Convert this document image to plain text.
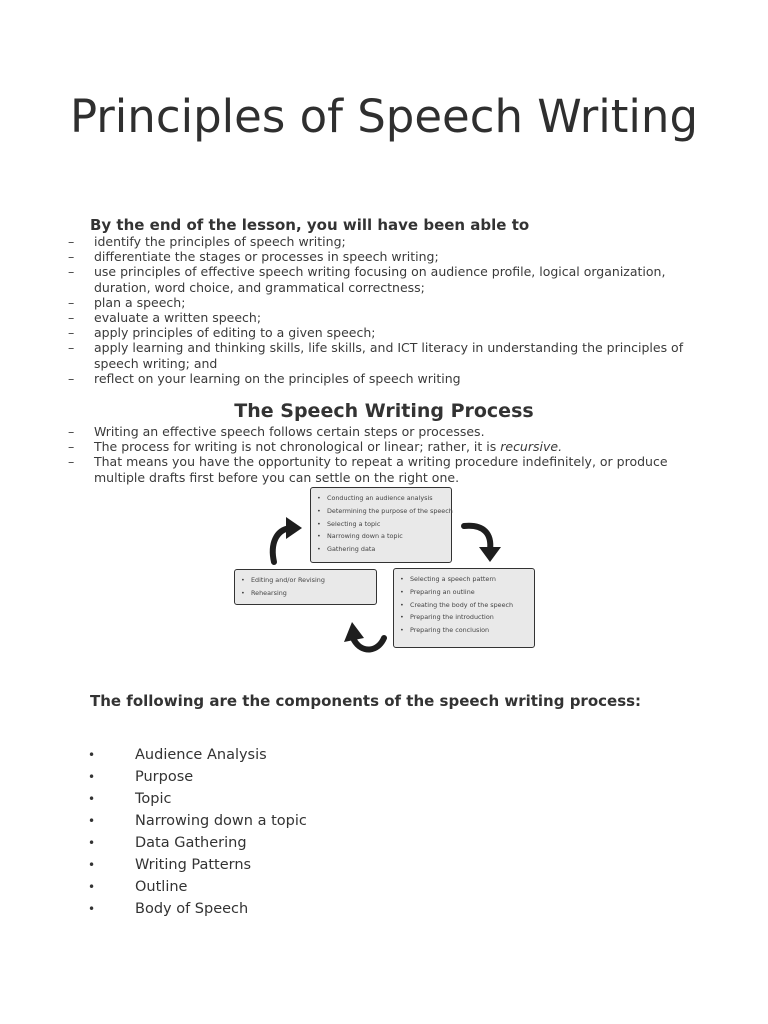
Principles of Speech Writing
By the end of the lesson, you will have been able to
–	identify the principles of speech writing;
–	differentiate the stages or processes in speech writing;
–	use principles of effective speech writing focusing on audience profile, logical organization, duration, word choice, and grammatical correctness;
–	plan a speech;
–	evaluate a written speech;
–	apply principles of editing to a given speech;
–	apply learning and thinking skills, life skills, and ICT literacy in understanding the principles of speech writing; and
–	reflect on your learning on the principles of speech writing
The Speech Writing Process
–	Writing an effective speech follows certain steps or processes.
–	The process for writing is not chronological or linear; rather, it is recursive.
–	That means you have the opportunity to repeat a writing procedure indefinitely, or produce multiple drafts first before you can settle on the right one.
• Conducting an audience analysis
• Determining the purpose of the speech
• Selecting a topic
• Narrowing down a topic
• Gathering data
• Selecting a speech pattern
• Preparing an outline
• Creating the body of the speech
• Preparing the introduction
• Preparing the conclusion
• Editing and/or Revising
• Rehearsing
The following are the components of the speech writing process:
•	Audience Analysis
•	Purpose
•	Topic
•	Narrowing down a topic
•	Data Gathering
•	Writing Patterns
•	Outline
•	Body of Speech
